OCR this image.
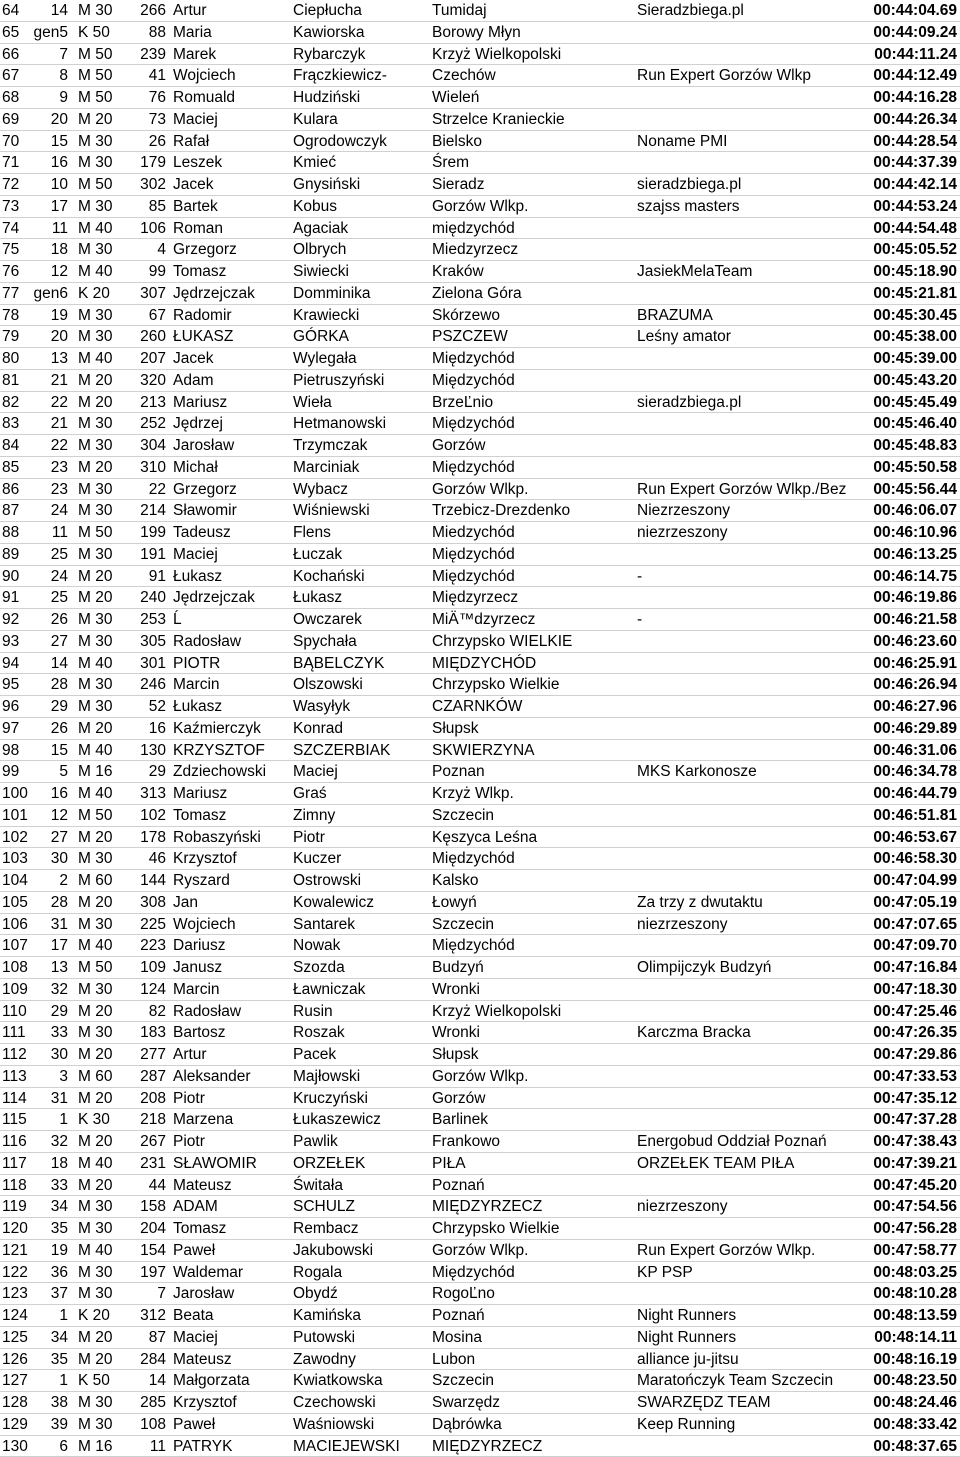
64	14 M 30	266 Artur	Ciepłucha	Tumidaj	Sieradzbiega.pl	00:44:04.69
65 gen5 K 50	88 Maria	Kawiorska	Borowy Młyn	00:44:09.24
66	7 M 50	239 Marek	Rybarczyk	Krzyż Wielkopolski	00:44:11.24
67	8 M 50	41 Wojciech	Frączkiewicz-	Czechów	Run Expert Gorzów Wlkp	00:44:12.49
68	9 M 50	76 Romuald	Hudziński	Wieleń	00:44:16.28
69	20 M 20	73 Maciej	Kulara	Strzelce Kranieckie	00:44:26.34
70	15 M 30	26 Rafał	Ogrodowczyk	Bielsko	Noname PMI	00:44:28.54
71	16 M 30	179 Leszek	Kmieć	Śrem	00:44:37.39
72	10 M 50	302 Jacek	Gnysiński	Sieradz	sieradzbiega.pl	00:44:42.14
73	17 M 30	85 Bartek	Kobus	Gorzów Wlkp.	szajss masters	00:44:53.24
74	11 M 40	106 Roman	Agaciak	międzychód	00:44:54.48
75	18 M 30	4 Grzegorz	Olbrych	Miedzyrzecz	00:45:05.52
76	12 M 40	99 Tomasz	Siwiecki	Kraków	JasiekMelaTeam	00:45:18.90
77 gen6 K 20	307 Jędrzejczak	Domminika	Zielona Góra	00:45:21.81
78	19 M 30	67 Radomir	Krawiecki	Skórzewo	BRAZUMA	00:45:30.45
79	20 M 30	260 ŁUKASZ	GÓRKA	PSZCZEW	Leśny amator	00:45:38.00
80	13 M 40	207 Jacek	Wylegała	Międzychód	00:45:39.00
81	21 M 20	320 Adam	Pietruszyński	Międzychód	00:45:43.20
82	22 M 20	213 Mariusz	Wieła	BrzeĽnio	sieradzbiega.pl	00:45:45.49
83	21 M 30	252 Jędrzej	Hetmanowski	Międzychód	00:45:46.40
84	22 M 30	304 Jarosław	Trzymczak	Gorzów	00:45:48.83
85	23 M 20	310 Michał	Marciniak	Międzychód	00:45:50.58
86	23 M 30	22 Grzegorz	Wybacz	Gorzów Wlkp.	Run Expert Gorzów Wlkp./Bez	00:45:56.44
87	24 M 30	214 Sławomir	Wiśniewski	Trzebicz-Drezdenko	Niezrzeszony	00:46:06.07
88	11 M 50	199 Tadeusz	Flens	Miedzychód	niezrzeszony	00:46:10.96
89	25 M 30	191 Maciej	Łuczak	Międzychód	00:46:13.25
90	24 M 20	91 Łukasz	Kochański	Międzychód	-	00:46:14.75
91	25 M 20	240 Jędrzejczak	Łukasz	Międzyrzecz	00:46:19.86
92	26 M 30	253 Ĺ	Owczarek	MiÄ™dzyrzecz	-	00:46:21.58
93	27 M 30	305 Radosław	Spychała	Chrzypsko WIELKIE	00:46:23.60
94	14 M 40	301 PIOTR	BĄBELCZYK	MIĘDZYCHÓD	00:46:25.91
95	28 M 30	246 Marcin	Olszowski	Chrzypsko Wielkie	00:46:26.94
96	29 M 30	52 Łukasz	Wasyłyk	CZARNKÓW	00:46:27.96
97	26 M 20	16 Kaźmierczyk	Konrad	Słupsk	00:46:29.89
98	15 M 40	130 KRZYSZTOF	SZCZERBIAK	SKWIERZYNA	00:46:31.06
99	5 M 16	29 Zdziechowski	Maciej	Poznan	MKS Karkonosze	00:46:34.78
100	16 M 40	313 Mariusz	Graś	Krzyż Wlkp.	00:46:44.79
101	12 M 50	102 Tomasz	Zimny	Szczecin	00:46:51.81
102	27 M 20	178 Robaszyński	Piotr	Kęszyca Leśna	00:46:53.67
103	30 M 30	46 Krzysztof	Kuczer	Międzychód	00:46:58.30
104	2 M 60	144 Ryszard	Ostrowski	Kalsko	00:47:04.99
105	28 M 20	308 Jan	Kowalewicz	Łowyń	Za trzy z dwutaktu	00:47:05.19
106	31 M 30	225 Wojciech	Santarek	Szczecin	niezrzeszony	00:47:07.65
107	17 M 40	223 Dariusz	Nowak	Międzychód	00:47:09.70
108	13 M 50	109 Janusz	Szozda	Budzyń	Olimpijczyk Budzyń	00:47:16.84
109	32 M 30	124 Marcin	Ławniczak	Wronki	00:47:18.30
110	29 M 20	82 Radosław	Rusin	Krzyż Wielkopolski	00:47:25.46
111	33 M 30	183 Bartosz	Roszak	Wronki	Karczma Bracka	00:47:26.35
112	30 M 20	277 Artur	Pacek	Słupsk	00:47:29.86
113	3 M 60	287 Aleksander	Majłowski	Gorzów Wlkp.	00:47:33.53
114	31 M 20	208 Piotr	Kruczyński	Gorzów	00:47:35.12
115	1 K 30	218 Marzena	Łukaszewicz	Barlinek	00:47:37.28
116	32 M 20	267 Piotr	Pawlik	Frankowo	Energobud Oddział Poznań	00:47:38.43
117	18 M 40	231 SŁAWOMIR	ORZEŁEK	PIŁA	ORZEŁEK TEAM PIŁA	00:47:39.21
118	33 M 20	44 Mateusz	Świtała	Poznań	00:47:45.20
119	34 M 30	158 ADAM	SCHULZ	MIĘDZYRZECZ	niezrzeszony	00:47:54.56
120	35 M 30	204 Tomasz	Rembacz	Chrzypsko Wielkie	00:47:56.28
121	19 M 40	154 Paweł	Jakubowski	Gorzów Wlkp.	Run Expert Gorzów Wlkp.	00:47:58.77
122	36 M 30	197 Waldemar	Rogala	Międzychód	KP PSP	00:48:03.25
123	37 M 30	7 Jarosław	Obydź	RogoĽno	00:48:10.28
124	1 K 20	312 Beata	Kamińska	Poznań	Night Runners	00:48:13.59
125	34 M 20	87 Maciej	Putowski	Mosina	Night Runners	00:48:14.11
126	35 M 20	284 Mateusz	Zawodny	Lubon	alliance ju-jitsu	00:48:16.19
127	1 K 50	14 Małgorzata	Kwiatkowska	Szczecin	Maratończyk Team Szczecin	00:48:23.50
128	38 M 30	285 Krzysztof	Czechowski	Swarzędz	SWARZĘDZ TEAM	00:48:24.46
129	39 M 30	108 Paweł	Waśniowski	Dąbrówka	Keep Running	00:48:33.42
130	6 M 16	11 PATRYK	MACIEJEWSKI	MIĘDZYRZECZ	00:48:37.65
